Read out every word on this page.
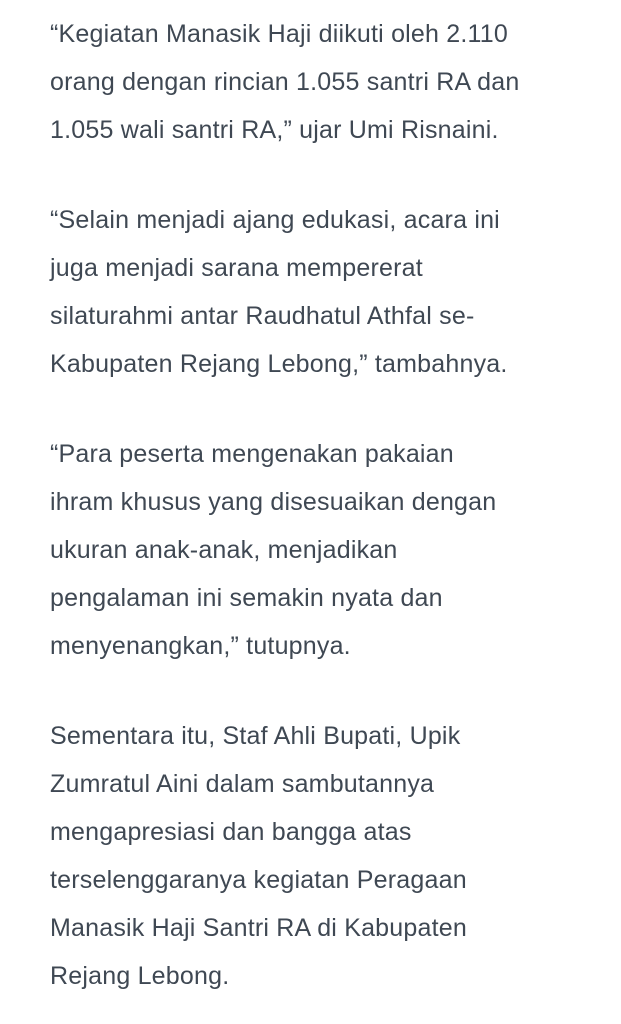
“Kegiatan Manasik Haji diikuti oleh 2.110
orang dengan rincian 1.055 santri RA dan
1.055 wali santri RA,” ujar Umi Risnaini.
“Selain menjadi ajang edukasi, acara ini
juga menjadi sarana mempererat
silaturahmi antar Raudhatul Athfal se-
Kabupaten Rejang Lebong,” tambahnya.
“Para peserta mengenakan pakaian
ihram khusus yang disesuaikan dengan
ukuran anak-anak, menjadikan
pengalaman ini semakin nyata dan
menyenangkan,” tutupnya.
Sementara itu, Staf Ahli Bupati, Upik
Zumratul Aini dalam sambutannya
mengapresiasi dan bangga atas
terselenggaranya kegiatan Peragaan
Manasik Haji Santri RA di Kabupaten
Rejang Lebong.
